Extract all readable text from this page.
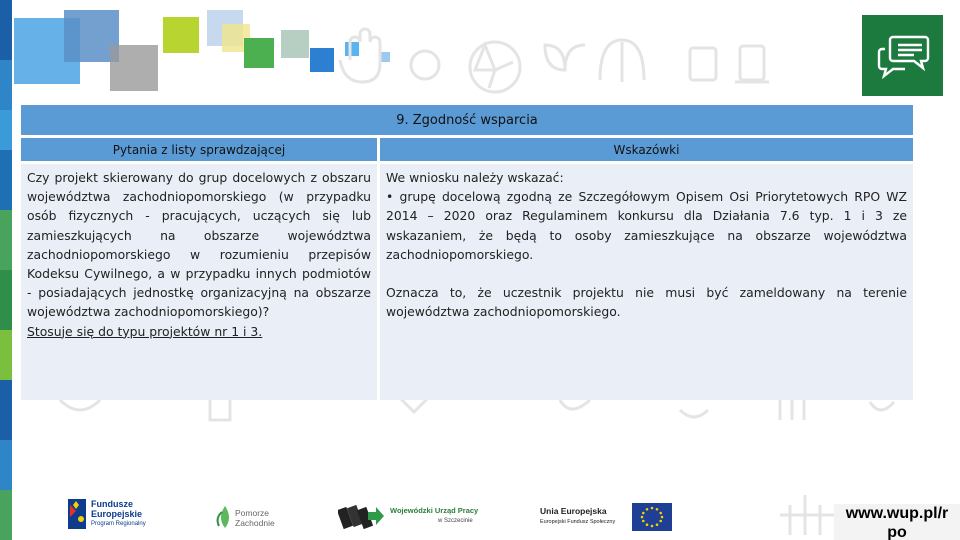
9. Zgodność wsparcia
Pytania z listy sprawdzającej	Wskazówki

Czy projekt skierowany do grup docelowych z obszaru województwa zachodniopomorskiego (w przypadku osób fizycznych - pracujących, uczących się lub zamieszkujących na obszarze województwa zachodniopomorskiego w rozumieniu przepisów Kodeksu Cywilnego, a w przypadku innych podmiotów - posiadających jednostkę organizacyjną na obszarze województwa zachodniopomorskiego)?

Stosuje się do typu projektów nr 1 i 3.

We wniosku należy wskazać:

• grupę docelową zgodną ze Szczegółowym Opisem Osi Priorytetowych RPO WZ 2014 – 2020 oraz Regulaminem konkursu dla Działania 7.6 typ. 1 i 3 ze wskazaniem, że będą to osoby zamieszkujące na obszarze województwa zachodniopomorskiego.

Oznacza to, że uczestnik projektu nie musi być zameldowany na terenie województwa zachodniopomorskiego.

Fundusze
Europejskie
Program Regionalny
Pomorze
Zachodnie
Wojewódzki Urząd Pracy
w Szczecinie
Unia Europejska
Europejski Fundusz Społeczny	www.wup.pl/r
po
